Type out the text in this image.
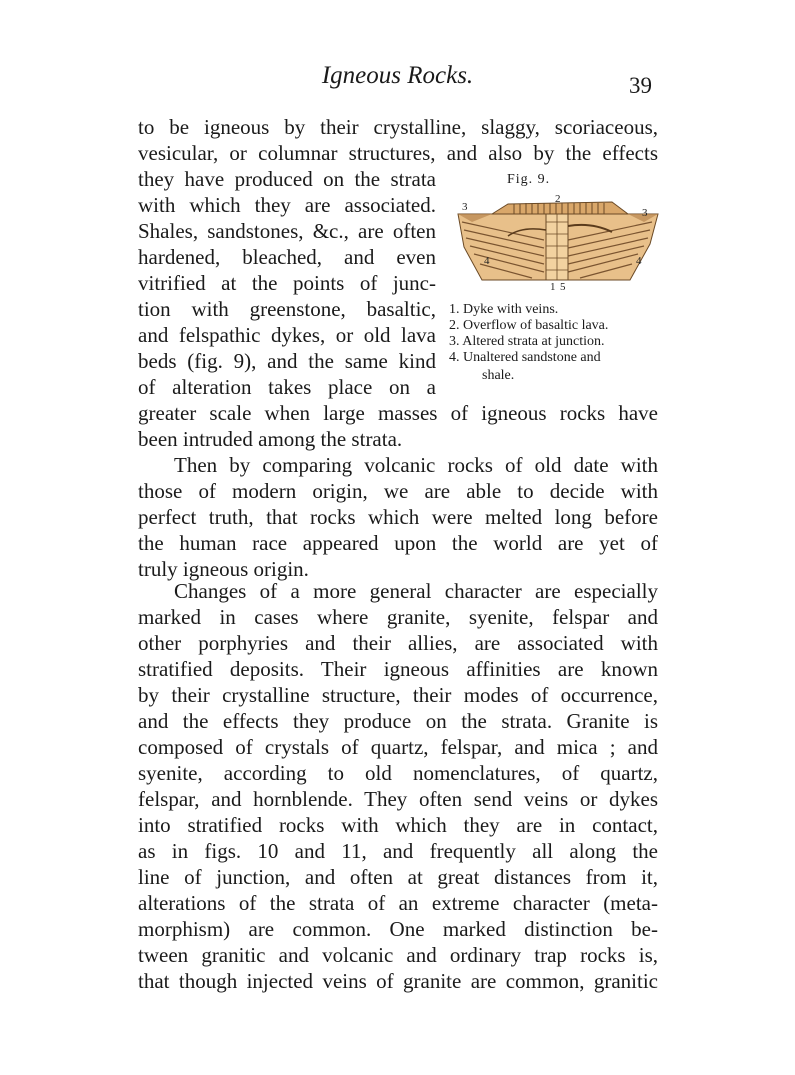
Igneous Rocks.	39
to be igneous by their crystalline, slaggy, scoriaceous,
vesicular, or columnar structures, and also by the effects
they have produced on the strata
with which they are associated.
Shales, sandstones, &c., are often
hardened, bleached, and even
vitrified at the points of junc-
tion with greenstone, basaltic,
and felspathic dykes, or old lava
beds (fig. 9), and the same kind
of alteration takes place on a
greater scale when large masses of igneous rocks have
been intruded among the strata.
Then by comparing volcanic rocks of old date with
those of modern origin, we are able to decide with
perfect truth, that rocks which were melted long before
the human race appeared upon the world are yet of
truly igneous origin.
Changes of a more general character are especially
marked in cases where granite, syenite, felspar and
other porphyries and their allies, are associated with
stratified deposits. Their igneous affinities are known
by their crystalline structure, their modes of occurrence,
and the effects they produce on the strata. Granite is
composed of crystals of quartz, felspar, and mica ; and
syenite, according to old nomenclatures, of quartz,
felspar, and hornblende. They often send veins or dykes
into stratified rocks with which they are in contact,
as in figs. 10 and 11, and frequently all along the
line of junction, and often at great distances from it,
alterations of the strata of an extreme character (meta-
morphism) are common. One marked distinction be-
tween granitic and volcanic and ordinary trap rocks is,
that though injected veins of granite are common, granitic
Fig. 9.
3
2
3
4	4
1 5
1. Dyke with veins.
2. Overflow of basaltic lava.
3. Altered strata at junction.
4. Unaltered sandstone and
shale.
